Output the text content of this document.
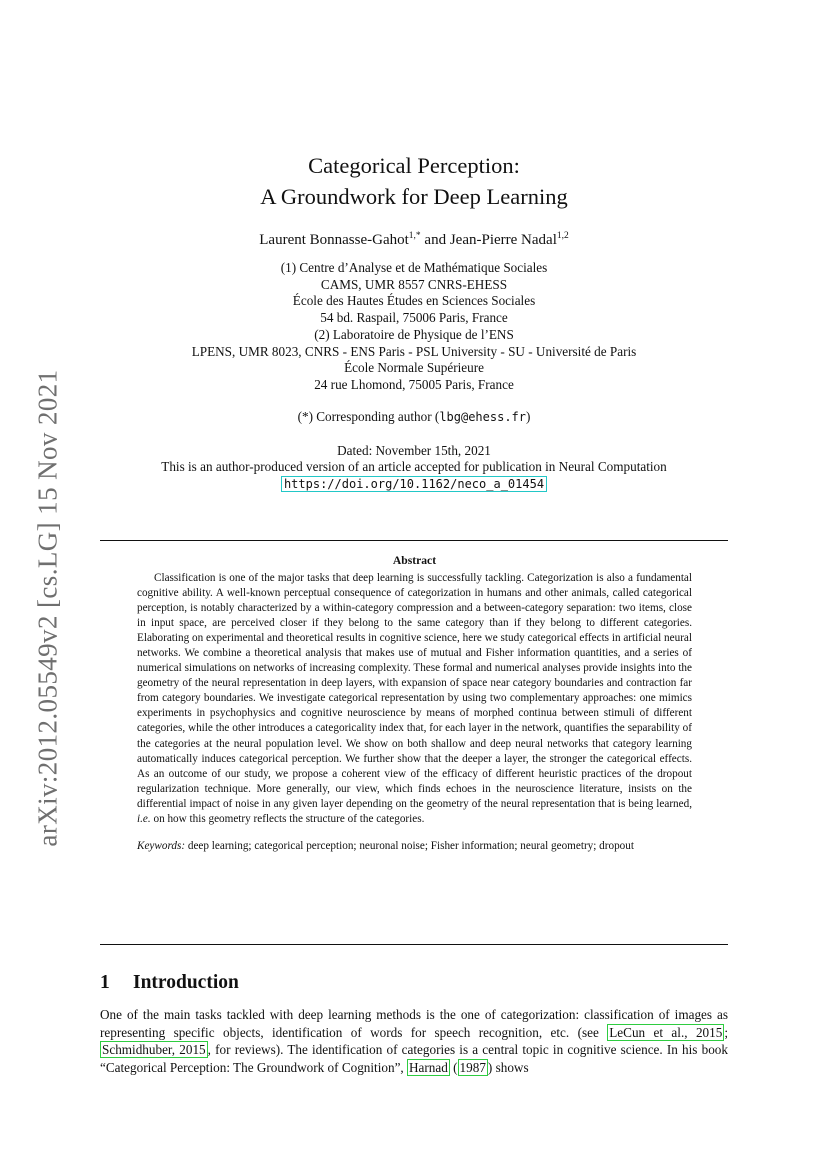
arXiv:2012.05549v2 [cs.LG] 15 Nov 2021
Categorical Perception:
A Groundwork for Deep Learning
Laurent Bonnasse-Gahot$^{1,*}$ and Jean-Pierre Nadal$^{1,2}$
(1) Centre d’Analyse et de Mathématique Sociales
CAMS, UMR 8557 CNRS-EHESS
École des Hautes Études en Sciences Sociales
54 bd. Raspail, 75006 Paris, France
(2) Laboratoire de Physique de l’ENS
LPENS, UMR 8023, CNRS - ENS Paris - PSL University - SU - Université de Paris
École Normale Supérieure
24 rue Lhomond, 75005 Paris, France
(*) Corresponding author (lbg@ehess.fr)
Dated: November 15th, 2021
This is an author-produced version of an article accepted for publication in Neural Computation
https://doi.org/10.1162/neco_a_01454
Abstract

Classification is one of the major tasks that deep learning is successfully tackling. Categorization is also a fundamental cognitive ability. A well-known perceptual consequence of categorization in humans and other animals, called categorical perception, is notably characterized by a within-category compression and a between-category separation: two items, close in input space, are perceived closer if they belong to the same category than if they belong to different categories. Elaborating on experimental and theoretical results in cognitive science, here we study categorical effects in artificial neural networks. We combine a theoretical analysis that makes use of mutual and Fisher information quantities, and a series of numerical simulations on networks of increasing complexity. These formal and numerical analyses provide insights into the geometry of the neural representation in deep layers, with expansion of space near category boundaries and contraction far from category boundaries. We investigate categorical representation by using two complementary approaches: one mimics experiments in psychophysics and cognitive neuroscience by means of morphed continua between stimuli of different categories, while the other introduces a categoricality index that, for each layer in the network, quantifies the separability of the categories at the neural population level. We show on both shallow and deep neural networks that category learning automatically induces categorical perception. We further show that the deeper a layer, the stronger the categorical effects. As an outcome of our study, we propose a coherent view of the efficacy of different heuristic practices of the dropout regularization technique. More generally, our view, which finds echoes in the neuroscience literature, insists on the differential impact of noise in any given layer depending on the geometry of the neural representation that is being learned, i.e. on how this geometry reflects the structure of the categories.

Keywords: deep learning; categorical perception; neuronal noise; Fisher information; neural geometry; dropout
1 Introduction

One of the main tasks tackled with deep learning methods is the one of categorization: classification of images as representing specific objects, identification of words for speech recognition, etc. (see LeCun et al., 2015 ; Schmidhuber, 2015 , for reviews). The identification of categories is a central topic in cognitive science. In his book “Categorical Perception: The Groundwork of Cognition”, Harnad ( 1987 ) shows
